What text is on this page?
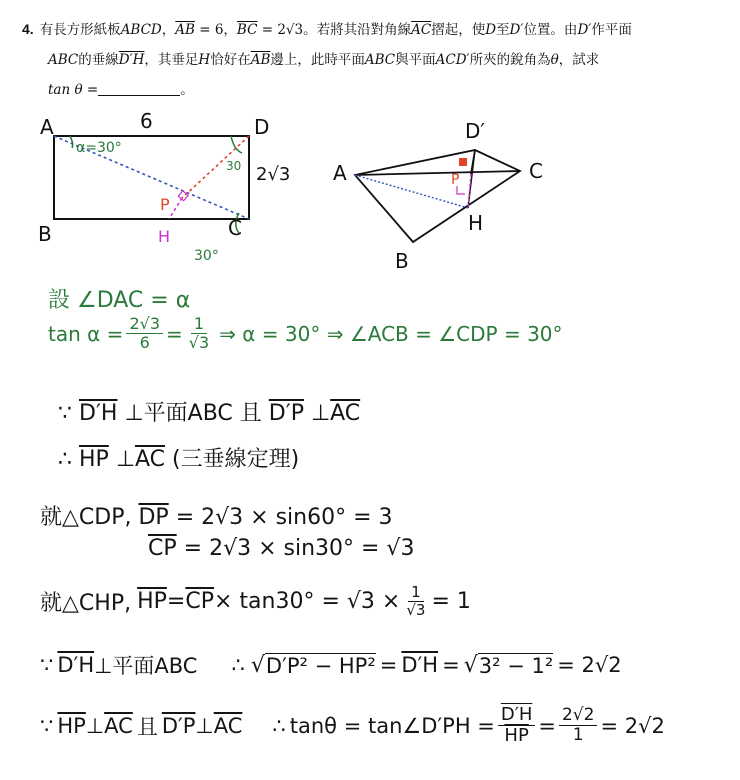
4. 有長方形紙板ABCD，$\overline{AB} = 6$，$\overline{BC} = 2√3$。若將其沿對角線$\overline{AC}$摺起，使D至D′位置。由D′作平面
ABC的垂線D′H，其垂足H恰好在$\overline{AB}$邊上，此時平面ABC與平面ACD′所夾的銳角為θ，試求
tan θ =	。
A	6	D
α=30°
30 2√3
P
B	H	C
30°
D′
A	C
P
H
B
設 ∠DAC = α
$\tan \alpha = \frac{2√3}{6} = \frac{1}{√3}$ ⇒ α = 30° ⇒ ∠ACB = ∠CDP = 30°
∵ D′H ⊥平面ABC 且 D′P $\perp\overline{AC}$
∴ $\overline{HP}$ $\perp\overline{AC}$ (三垂線定理)
就△CDP, $\overline{DP} = 2√3 \times \sin 60^\circ = 3$
$\overline{CP} = 2√3 \times \sin 30^\circ = √3$
就△CHP, $\overline{HP} = \overline{CP} \times \tan 30^\circ = √3 \times \frac{1}{√3} = 1$
∵ D′H ⊥平面ABC ∴ √ D′P² − HP² = D′H = √ 3² − 1² = 2√2
∵ $\overline{HP}$ ⊥ $\overline{AC}$ 且 D′P ⊥ $\overline{AC}$ ∴ tanθ = tan∠D′PH = $\frac{D'H}{HP} = \frac{2√2}{1} = 2√2$
